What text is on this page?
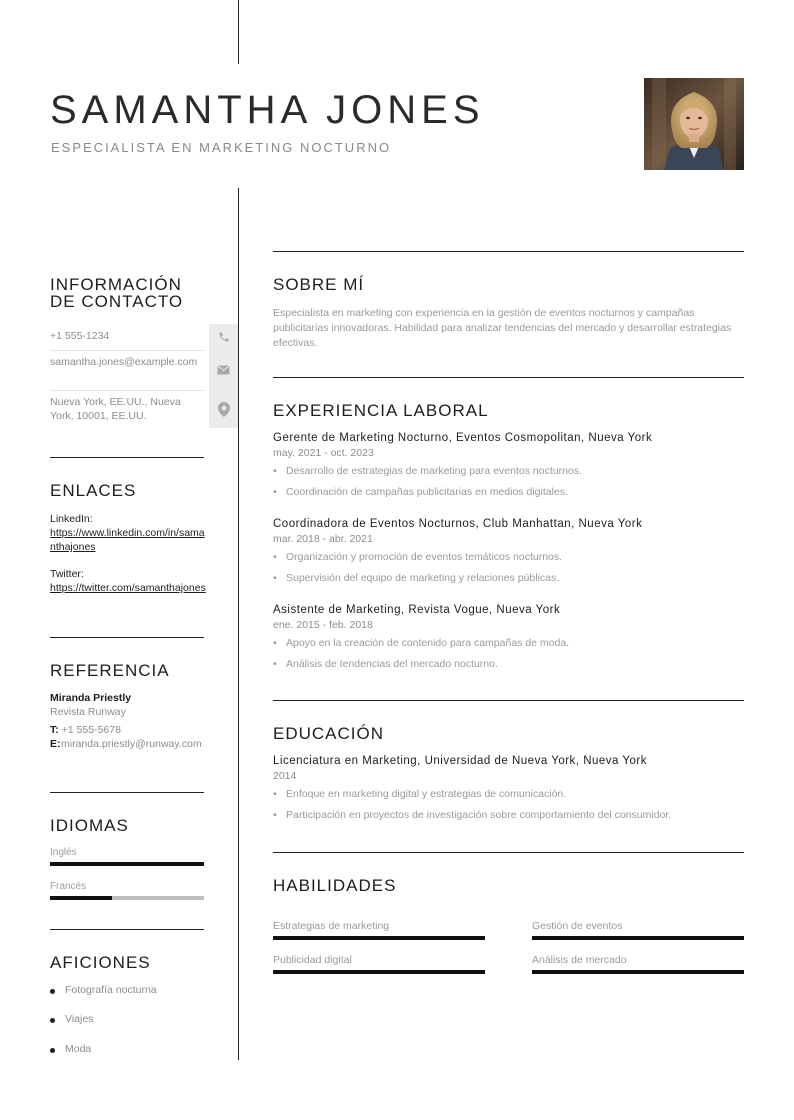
SAMANTHA JONES
ESPECIALISTA EN MARKETING NOCTURNO
INFORMACIÓN
DE CONTACTO
+1 555-1234
samantha.jones@example.com
Nueva York, EE.UU., Nueva York, 10001, EE.UU.
ENLACES
LinkedIn:
https://www.linkedin.com/in/samanthajones
Twitter:
https://twitter.com/samanthajones
REFERENCIA
Miranda Priestly
Revista Runway
T: +1 555-5678
E: miranda.priestly@runway.com
IDIOMAS
Inglés
Francés
AFICIONES
Fotografía nocturna
Viajes
Moda
SOBRE MÍ
Especialista en marketing con experiencia en la gestión de eventos nocturnos y campañas publicitarias innovadoras. Habilidad para analizar tendencias del mercado y desarrollar estrategias efectivas.
EXPERIENCIA LABORAL
Gerente de Marketing Nocturno, Eventos Cosmopolitan, Nueva York
may. 2021 - oct. 2023
• Desarrollo de estrategias de marketing para eventos nocturnos.
• Coordinación de campañas publicitarias en medios digitales.
Coordinadora de Eventos Nocturnos, Club Manhattan, Nueva York
mar. 2018 - abr. 2021
• Organización y promoción de eventos temáticos nocturnos.
• Supervisión del equipo de marketing y relaciones públicas.
Asistente de Marketing, Revista Vogue, Nueva York
ene. 2015 - feb. 2018
• Apoyo en la creación de contenido para campañas de moda.
• Análisis de tendencias del mercado nocturno.
EDUCACIÓN
Licenciatura en Marketing, Universidad de Nueva York, Nueva York
2014
• Enfoque en marketing digital y estrategias de comunicación.
• Participación en proyectos de investigación sobre comportamiento del consumidor.
HABILIDADES
Estrategias de marketing	Gestión de eventos
Publicidad digital	Análisis de mercado
